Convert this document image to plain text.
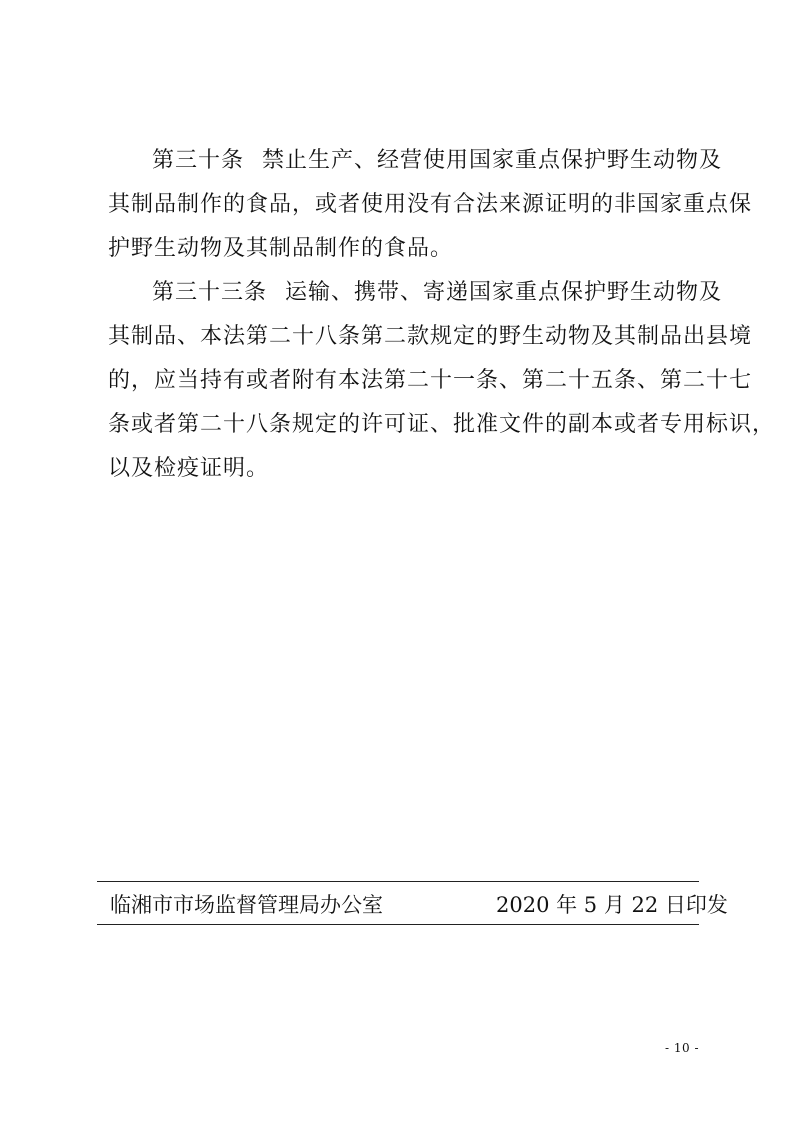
第三十条 禁止生产、经营使用国家重点保护野生动物及
其制品制作的食品，或者使用没有合法来源证明的非国家重点保
护野生动物及其制品制作的食品。
第三十三条 运输、携带、寄递国家重点保护野生动物及
其制品、本法第二十八条第二款规定的野生动物及其制品出县境
的，应当持有或者附有本法第二十一条、第二十五条、第二十七
条或者第二十八条规定的许可证、批准文件的副本或者专用标识，
以及检疫证明。
临湘市市场监督管理局办公室	2020 年 5 月 22 日印发
- 10 -
